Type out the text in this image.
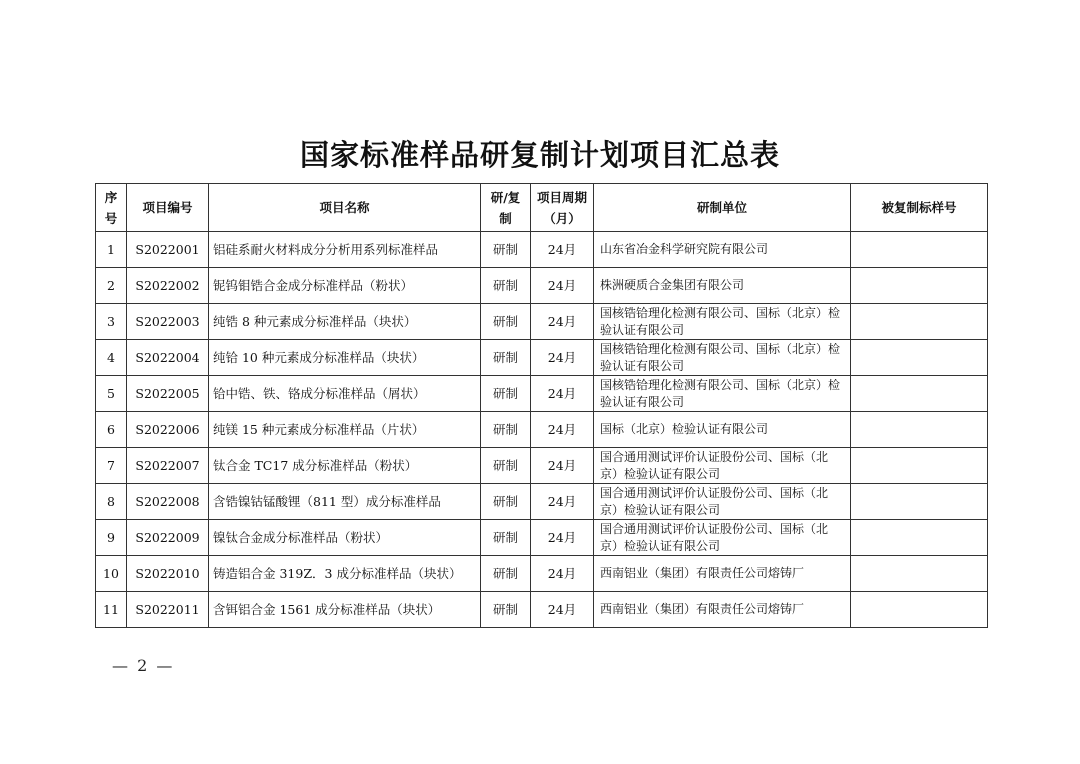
国家标准样品研复制计划项目汇总表
序号	项目编号	项目名称	研/复制	项目周期（月）	研制单位	被复制标样号
1	S2022001	铝硅系耐火材料成分分析用系列标准样品	研制	24月	山东省冶金科学研究院有限公司	
2	S2022002	铌钨钼锆合金成分标准样品（粉状）	研制	24月	株洲硬质合金集团有限公司	
3	S2022003	纯锆 8 种元素成分标准样品（块状）	研制	24月	国核锆铪理化检测有限公司、国标（北京）检验认证有限公司	
4	S2022004	纯铪 10 种元素成分标准样品（块状）	研制	24月	国核锆铪理化检测有限公司、国标（北京）检验认证有限公司	
5	S2022005	铪中锆、铁、铬成分标准样品（屑状）	研制	24月	国核锆铪理化检测有限公司、国标（北京）检验认证有限公司	
6	S2022006	纯镁 15 种元素成分标准样品（片状）	研制	24月	国标（北京）检验认证有限公司	
7	S2022007	钛合金 TC17 成分标准样品（粉状）	研制	24月	国合通用测试评价认证股份公司、国标（北京）检验认证有限公司	
8	S2022008	含锆镍钴锰酸锂（811 型）成分标准样品	研制	24月	国合通用测试评价认证股份公司、国标（北京）检验认证有限公司	
9	S2022009	镍钛合金成分标准样品（粉状）	研制	24月	国合通用测试评价认证股份公司、国标（北京）检验认证有限公司	
10	S2022010	铸造铝合金 319Z．3 成分标准样品（块状）	研制	24月	西南铝业（集团）有限责任公司熔铸厂	
11	S2022011	含铒铝合金 1561 成分标准样品（块状）	研制	24月	西南铝业（集团）有限责任公司熔铸厂	
— 2 —
